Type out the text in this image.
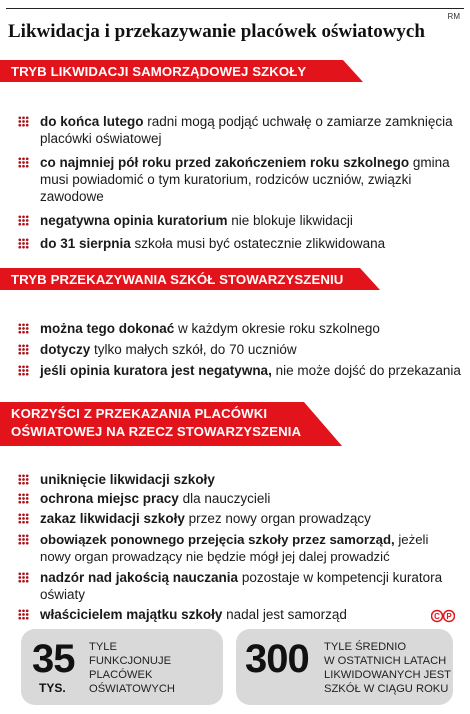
RM
Likwidacja i przekazywanie placówek oświatowych
TRYB LIKWIDACJI SAMORZĄDOWEJ SZKOŁY
do końca lutego radni mogą podjąć uchwałę o zamiarze zamknięcia placówki oświatowej
co najmniej pół roku przed zakończeniem roku szkolnego gmina musi powiadomić o tym kuratorium, rodziców uczniów, związki zawodowe
negatywna opinia kuratorium nie blokuje likwidacji
do 31 sierpnia szkoła musi być ostatecznie zlikwidowana
TRYB PRZEKAZYWANIA SZKÓŁ STOWARZYSZENIU
można tego dokonać w każdym okresie roku szkolnego
dotyczy tylko małych szkół, do 70 uczniów
jeśli opinia kuratora jest negatywna, nie może dojść do przekazania
KORZYŚCI Z PRZEKAZANIA PLACÓWKI
OŚWIATOWEJ NA RZECZ STOWARZYSZENIA
uniknięcie likwidacji szkoły
ochrona miejsc pracy dla nauczycieli
zakaz likwidacji szkoły przez nowy organ prowadzący
obowiązek ponownego przejęcia szkoły przez samorząd, jeżeli nowy organ prowadzący nie będzie mógł jej dalej prowadzić
nadzór nad jakością nauczania pozostaje w kompetencji kuratora oświaty
właścicielem majątku szkoły nadal jest samorząd	C P
35
TYS.
TYLE
FUNKCJONUJE
PLACÓWEK
OŚWIATOWYCH
300 TYLE ŚREDNIO
W OSTATNICH LATACH
LIKWIDOWANYCH JEST
SZKÓŁ W CIĄGU ROKU
